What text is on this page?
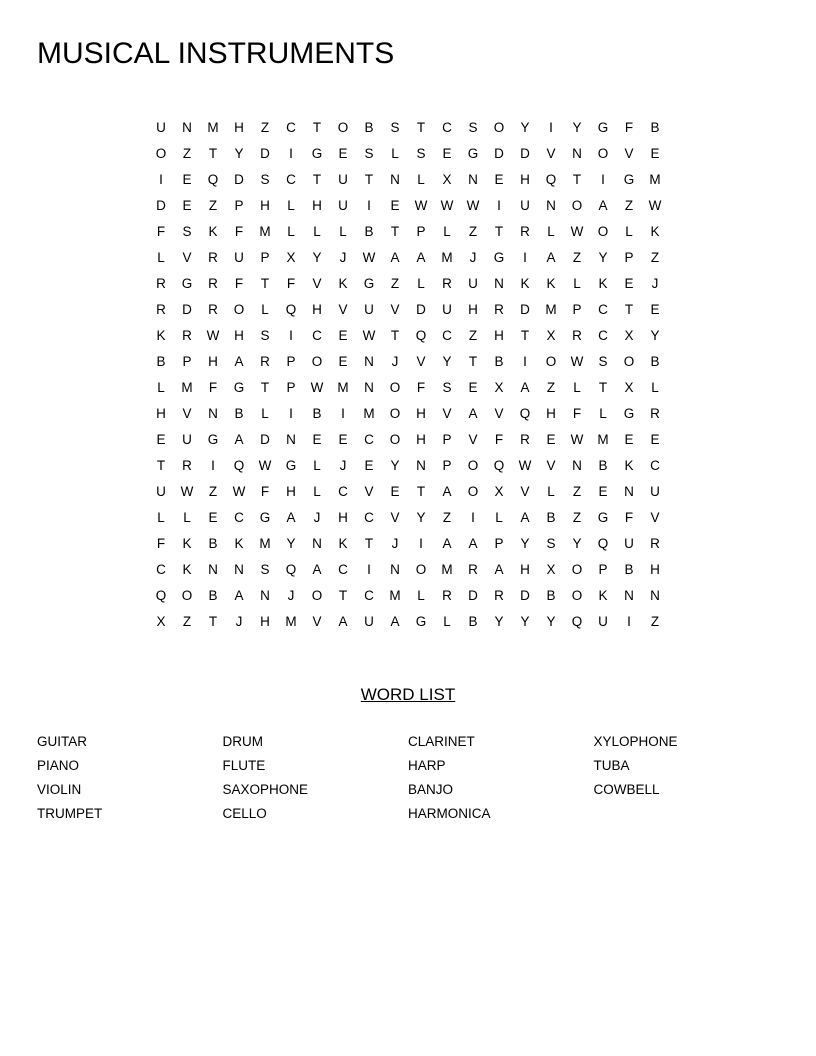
MUSICAL INSTRUMENTS
U	N	M	H	Z	C	T	O	B	S	T	C	S	O	Y	I	Y	G	F	B
O	Z	T	Y	D	I	G	E	S	L	S	E	G	D	D	V	N	O	V	E
I	E	Q	D	S	C	T	U	T	N	L	X	N	E	H	Q	T	I	G	M
D	E	Z	P	H	L	H	U	I	E	W W W	I	U	N	O	A	Z	W
F	S	K	F	M	L	L	L	B	T	P	L	Z	T	R	L	W	O	L	K
L	V	R	U	P	X	Y	J	W	A	A	M	J	G	I	A	Z	Y	P	Z
R	G	R	F	T	F	V	K	G	Z	L	R	U	N	K	K	L	K	E	J
R	D	R	O	L	Q	H	V	U	V	D	U	H	R	D	M	P	C	T	E
K	R	W	H	S	I	C	E	W	T	Q	C	Z	H	T	X	R	C	X	Y
B	P	H	A	R	P	O	E	N	J	V	Y	T	B	I	O	W	S	O	B
L	M	F	G	T	P	W	M	N	O	F	S	E	X	A	Z	L	T	X	L
H	V	N	B	L	I	B	I	M	O	H	V	A	V	Q	H	F	L	G	R
E	U	G	A	D	N	E	E	C	O	H	P	V	F	R	E	W	M	E	E
T	R	I	Q	W	G	L	J	E	Y	N	P	O	Q	W	V	N	B	K	C
U	W	Z	W	F	H	L	C	V	E	T	A	O	X	V	L	Z	E	N	U
L	L	E	C	G	A	J	H	C	V	Y	Z	I	L	A	B	Z	G	F	V
F	K	B	K	M	Y	N	K	T	J	I	A	A	P	Y	S	Y	Q	U	R
C	K	N	N	S	Q	A	C	I	N	O	M	R	A	H	X	O	P	B	H
Q	O	B	A	N	J	O	T	C	M	L	R	D	R	D	B	O	K	N	N
X	Z	T	J	H	M	V	A	U	A	G	L	B	Y	Y	Y	Q	U	I	Z
WORD LIST
GUITAR
PIANO
VIOLIN
TRUMPET
DRUM
FLUTE
SAXOPHONE
CELLO
CLARINET
HARP
BANJO
HARMONICA
XYLOPHONE
TUBA
COWBELL
